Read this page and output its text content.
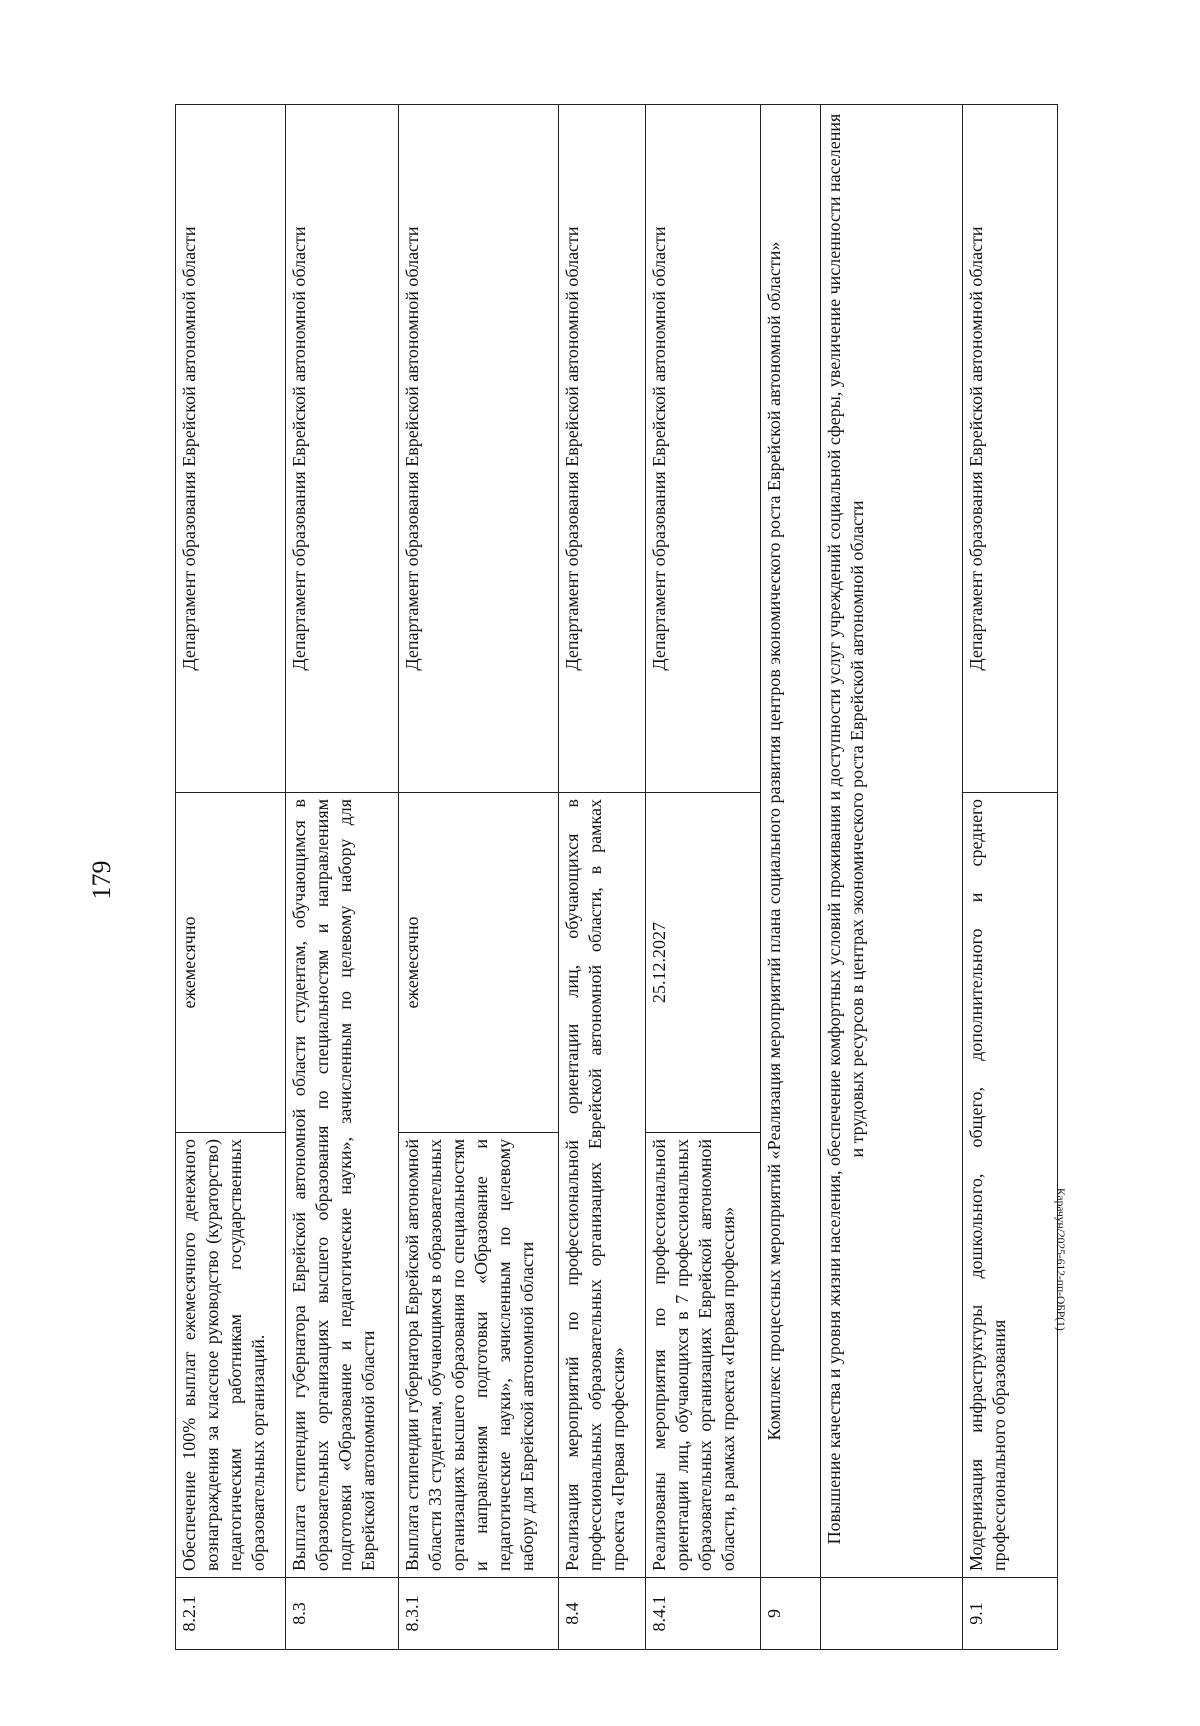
179
8.2.1	Обеспечение 100% выплат ежемесячного денежного вознаграждения за классное руководство (кураторство) педагогическим работникам государственных образовательных организаций.	ежемесячно	Департамент образования Еврейской автономной области
8.3	Выплата стипендии губернатора Еврейской автономной области студентам, обучающимся в образовательных организациях высшего образования по специальностям и направлениям подготовки «Образование и педагогические науки», зачисленным по целевому набору для Еврейской автономной области		Департамент образования Еврейской автономной области
8.3.1	Выплата стипендии губернатора Еврейской автономной области 33 студентам, обучающимся в образовательных организациях высшего образования по специальностям и направлениям подготовки «Образование и педагогические науки», зачисленным по целевому набору для Еврейской автономной области	ежемесячно	Департамент образования Еврейской автономной области
8.4	Реализация мероприятий по профессиональной ориентации лиц, обучающихся в профессиональных образовательных организациях Еврейской автономной области, в рамках проекта «Первая профессия»		Департамент образования Еврейской автономной области
8.4.1	Реализованы мероприятия по профессиональной ориентации лиц, обучающихся в 7 профессиональных образовательных организациях Еврейской автономной области, в рамках проекта «Первая профессия»	25.12.2027	Департамент образования Еврейской автономной области
9	Комплекс процессных мероприятий «Реализация мероприятий плана социального развития центров экономического роста Еврейской автономной области»		
	Повышение качества и уровня жизни населения, обеспечение комфортных условий проживания и доступности услуг учреждений социальной сферы, увеличение численности населения и трудовых ресурсов в центрах экономического роста Еврейской автономной области		
9.1	Модернизация инфраструктуры дошкольного, общего, дополнительного и среднего профессионального образования		Департамент образования Еврейской автономной области
Карачун/2025-612-пп-ОБР(1)
